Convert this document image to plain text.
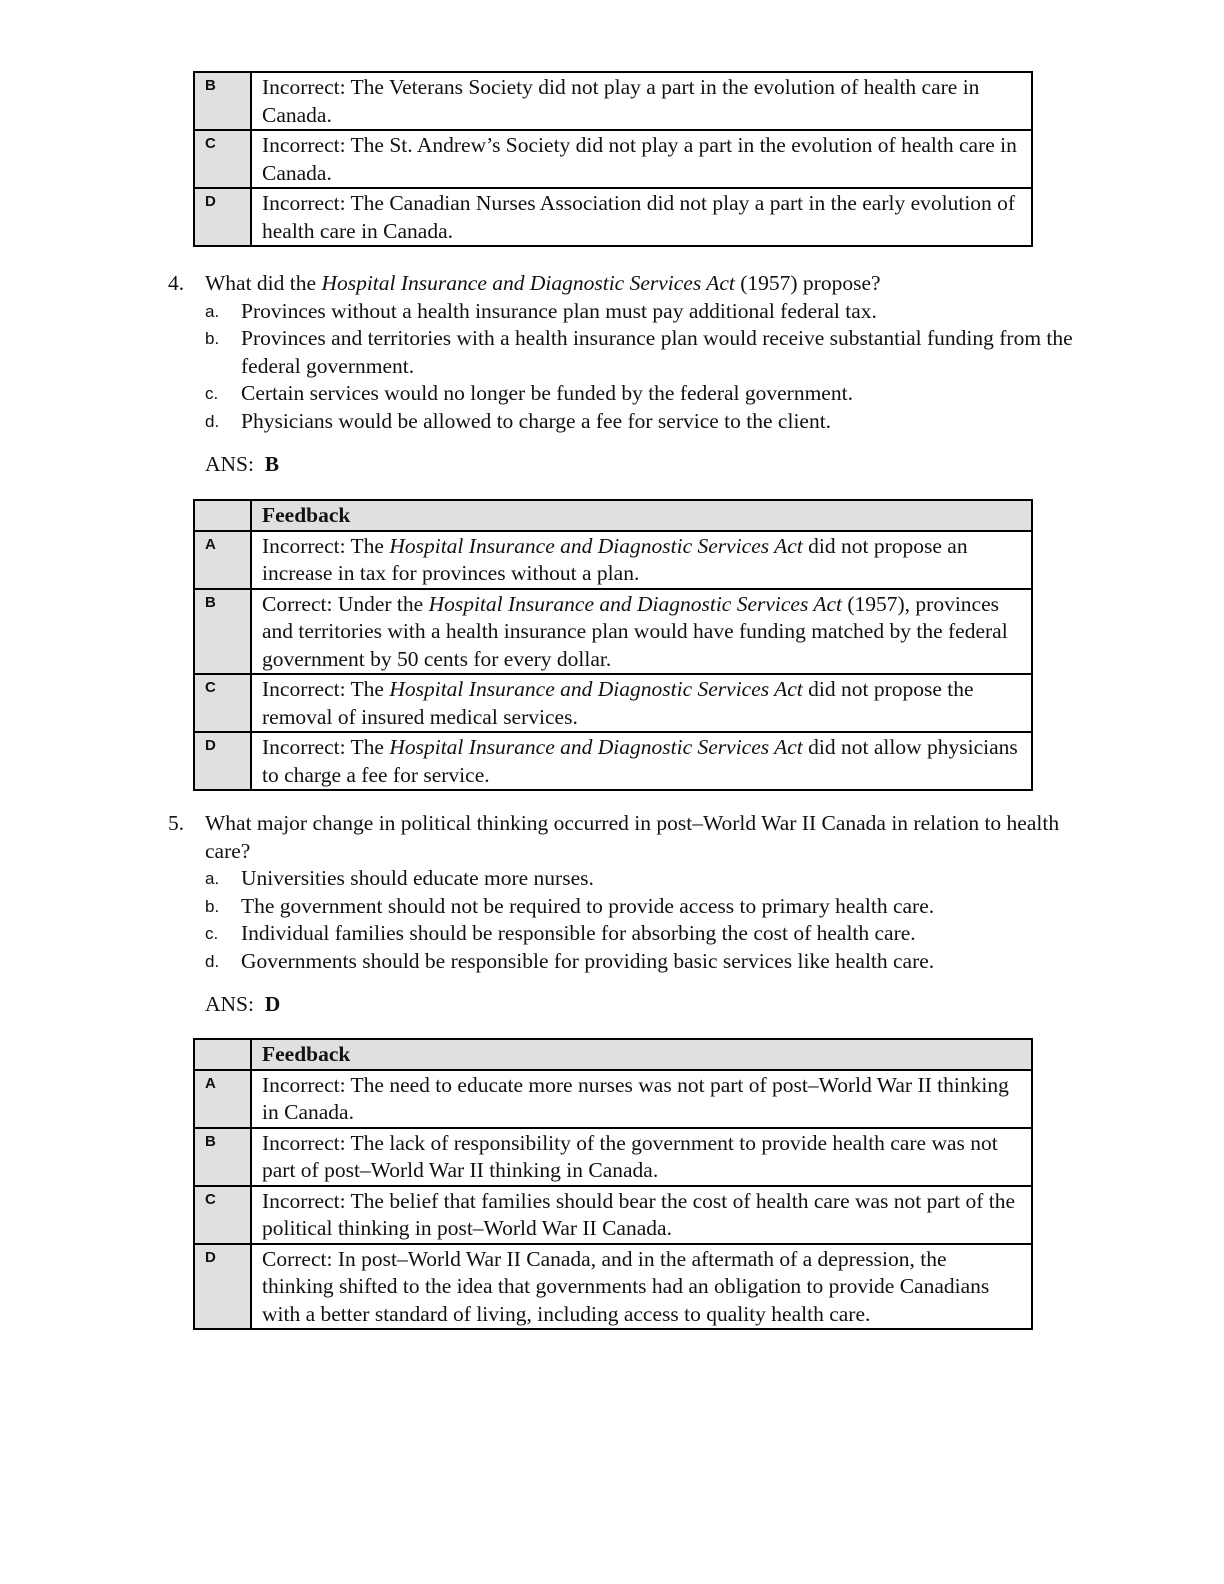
B	Incorrect: The Veterans Society did not play a part in the evolution of health care in Canada.
C	Incorrect: The St. Andrew’s Society did not play a part in the evolution of health care in Canada.
D	Incorrect: The Canadian Nurses Association did not play a part in the early evolution of health care in Canada.
4. What did the Hospital Insurance and Diagnostic Services Act (1957) propose?
a. Provinces without a health insurance plan must pay additional federal tax.
b. Provinces and territories with a health insurance plan would receive substantial funding from the federal government.
c. Certain services would no longer be funded by the federal government.
d. Physicians would be allowed to charge a fee for service to the client.
ANS: B
	Feedback
A	Incorrect: The Hospital Insurance and Diagnostic Services Act did not propose an increase in tax for provinces without a plan.
B	Correct: Under the Hospital Insurance and Diagnostic Services Act (1957), provinces and territories with a health insurance plan would have funding matched by the federal government by 50 cents for every dollar.
C	Incorrect: The Hospital Insurance and Diagnostic Services Act did not propose the removal of insured medical services.
D	Incorrect: The Hospital Insurance and Diagnostic Services Act did not allow physicians to charge a fee for service.
5. What major change in political thinking occurred in post–World War II Canada in relation to health care?
a. Universities should educate more nurses.
b. The government should not be required to provide access to primary health care.
c. Individual families should be responsible for absorbing the cost of health care.
d. Governments should be responsible for providing basic services like health care.
ANS: D
	Feedback
A	Incorrect: The need to educate more nurses was not part of post–World War II thinking in Canada.
B	Incorrect: The lack of responsibility of the government to provide health care was not part of post–World War II thinking in Canada.
C	Incorrect: The belief that families should bear the cost of health care was not part of the political thinking in post–World War II Canada.
D	Correct: In post–World War II Canada, and in the aftermath of a depression, the thinking shifted to the idea that governments had an obligation to provide Canadians with a better standard of living, including access to quality health care.
